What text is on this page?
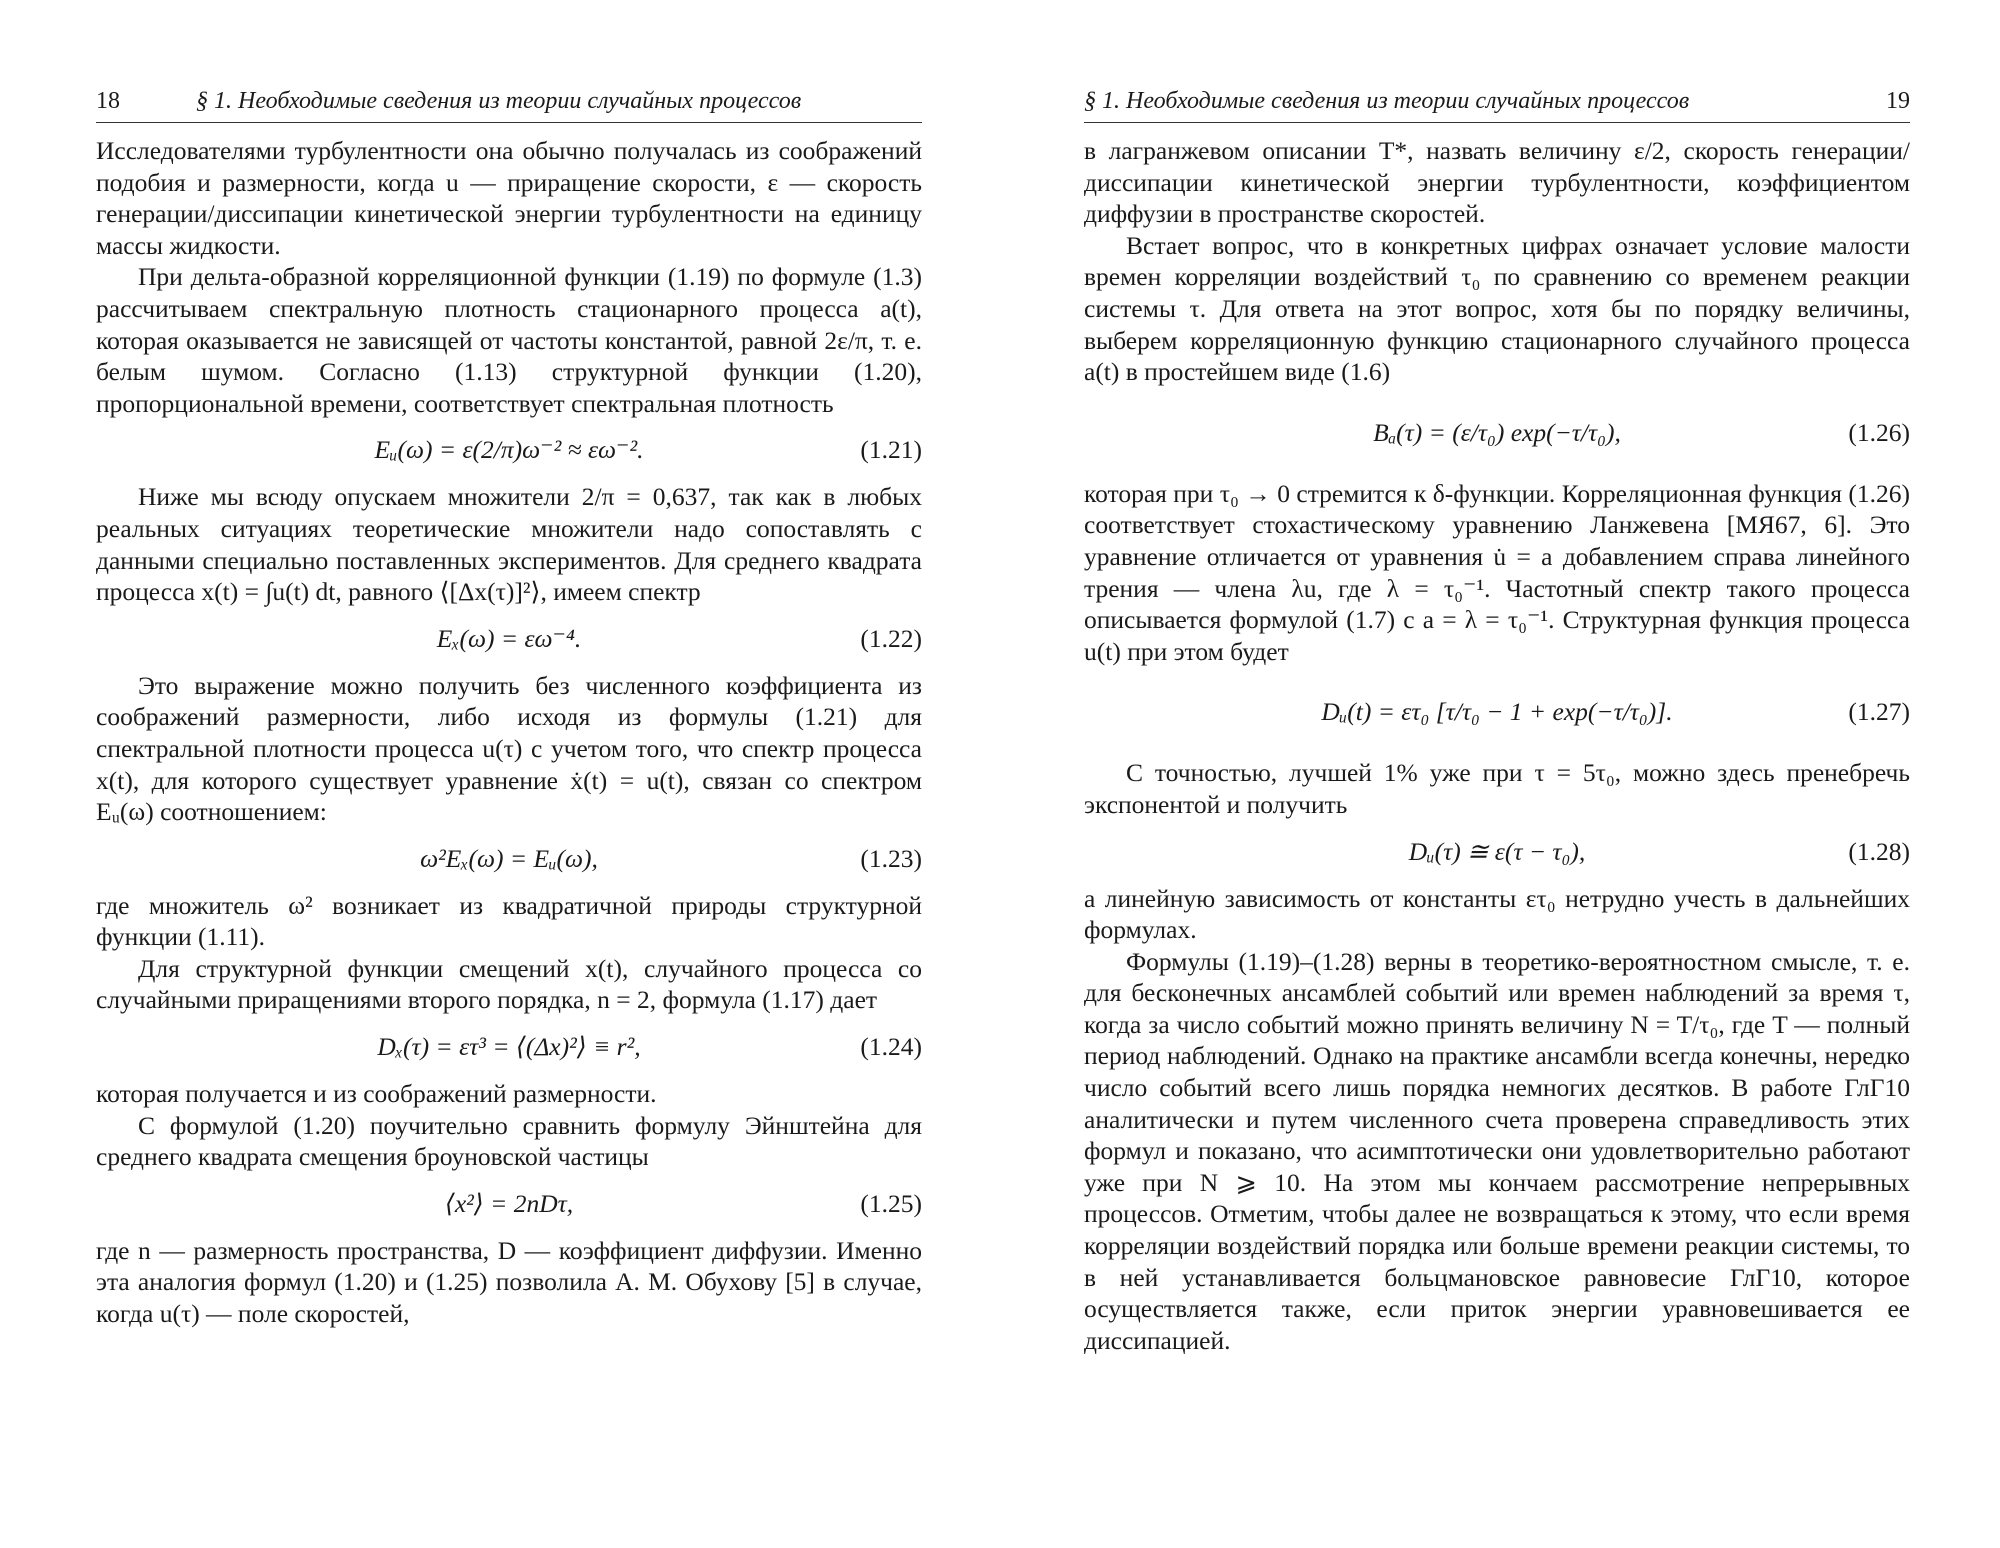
18	§ 1. Необходимые сведения из теории случайных процессов

Исследователями турбулентности она обычно получалась из соображений подобия и размерности, когда u — приращение скорости, ε — скорость генерации/диссипации кинетической энергии турбулентности на единицу массы жидкости.

При дельта-образной корреляционной функции (1.19) по формуле (1.3) рассчитываем спектральную плотность стационарного процесса a(t), которая оказывается не зависящей от частоты константой, равной 2ε/π, т. е. белым шумом. Согласно (1.13) структурной функции (1.20), пропорциональной времени, соответствует спектральная плотность

Eᵤ(ω) = ε(2/π)ω⁻² ≈ εω⁻².	(1.21)

Ниже мы всюду опускаем множители 2/π = 0,637, так как в любых реальных ситуациях теоретические множители надо сопоставлять с данными специально поставленных экспериментов. Для среднего квадрата процесса x(t) = ∫u(t) dt, равного ⟨[Δx(τ)]²⟩, имеем спектр

Eₓ(ω) = εω⁻⁴.	(1.22)

Это выражение можно получить без численного коэффициента из соображений размерности, либо исходя из формулы (1.21) для спектральной плотности процесса u(τ) с учетом того, что спектр процесса x(t), для которого существует уравнение ẋ(t) = u(t), связан со спектром Eᵤ(ω) соотношением:

ω²Eₓ(ω) = Eᵤ(ω),	(1.23)

где множитель ω² возникает из квадратичной природы структурной функции (1.11).

Для структурной функции смещений x(t), случайного процесса со случайными приращениями второго порядка, n = 2, формула (1.17) дает

Dₓ(τ) = ετ³ = ⟨(Δx)²⟩ ≡ r²,	(1.24)

которая получается и из соображений размерности.

С формулой (1.20) поучительно сравнить формулу Эйнштейна для среднего квадрата смещения броуновской частицы

⟨x²⟩ = 2nDτ,	(1.25)

где n — размерность пространства, D — коэффициент диффузии. Именно эта аналогия формул (1.20) и (1.25) позволила А. М. Обухову [5] в случае, когда u(τ) — поле скоростей,

§ 1. Необходимые сведения из теории случайных процессов	19

в лагранжевом описании T*, назвать величину ε/2, скорость генерации/диссипации кинетической энергии турбулентности, коэффициентом диффузии в пространстве скоростей.

Встает вопрос, что в конкретных цифрах означает условие малости времен корреляции воздействий τ₀ по сравнению со временем реакции системы τ. Для ответа на этот вопрос, хотя бы по порядку величины, выберем корреляционную функцию стационарного случайного процесса a(t) в простейшем виде (1.6)

Bₐ(τ) = (ε/τ₀) exp(−τ/τ₀),	(1.26)

которая при τ₀ → 0 стремится к δ-функции. Корреляционная функция (1.26) соответствует стохастическому уравнению Ланжевена [МЯ67, 6]. Это уравнение отличается от уравнения u̇ = a добавлением справа линейного трения — члена λu, где λ = τ₀⁻¹. Частотный спектр такого процесса описывается формулой (1.7) с a = λ = τ₀⁻¹. Структурная функция процесса u(t) при этом будет

Dᵤ(t) = ετ₀ [τ/τ₀ − 1 + exp(−τ/τ₀)].	(1.27)

С точностью, лучшей 1% уже при τ = 5τ₀, можно здесь пренебречь экспонентой и получить

Dᵤ(τ) ≅ ε(τ − τ₀),	(1.28)

а линейную зависимость от константы ετ₀ нетрудно учесть в дальнейших формулах.

Формулы (1.19)–(1.28) верны в теоретико-вероятностном смысле, т. е. для бесконечных ансамблей событий или времен наблюдений за время τ, когда за число событий можно принять величину N = T/τ₀, где T — полный период наблюдений. Однако на практике ансамбли всегда конечны, нередко число событий всего лишь порядка немногих десятков. В работе ГлГ10 аналитически и путем численного счета проверена справедливость этих формул и показано, что асимптотически они удовлетворительно работают уже при N ⩾ 10. На этом мы кончаем рассмотрение непрерывных процессов. Отметим, чтобы далее не возвращаться к этому, что если время корреляции воздействий порядка или больше времени реакции системы, то в ней устанавливается больцмановское равновесие ГлГ10, которое осуществляется также, если приток энергии уравновешивается ее диссипацией.
